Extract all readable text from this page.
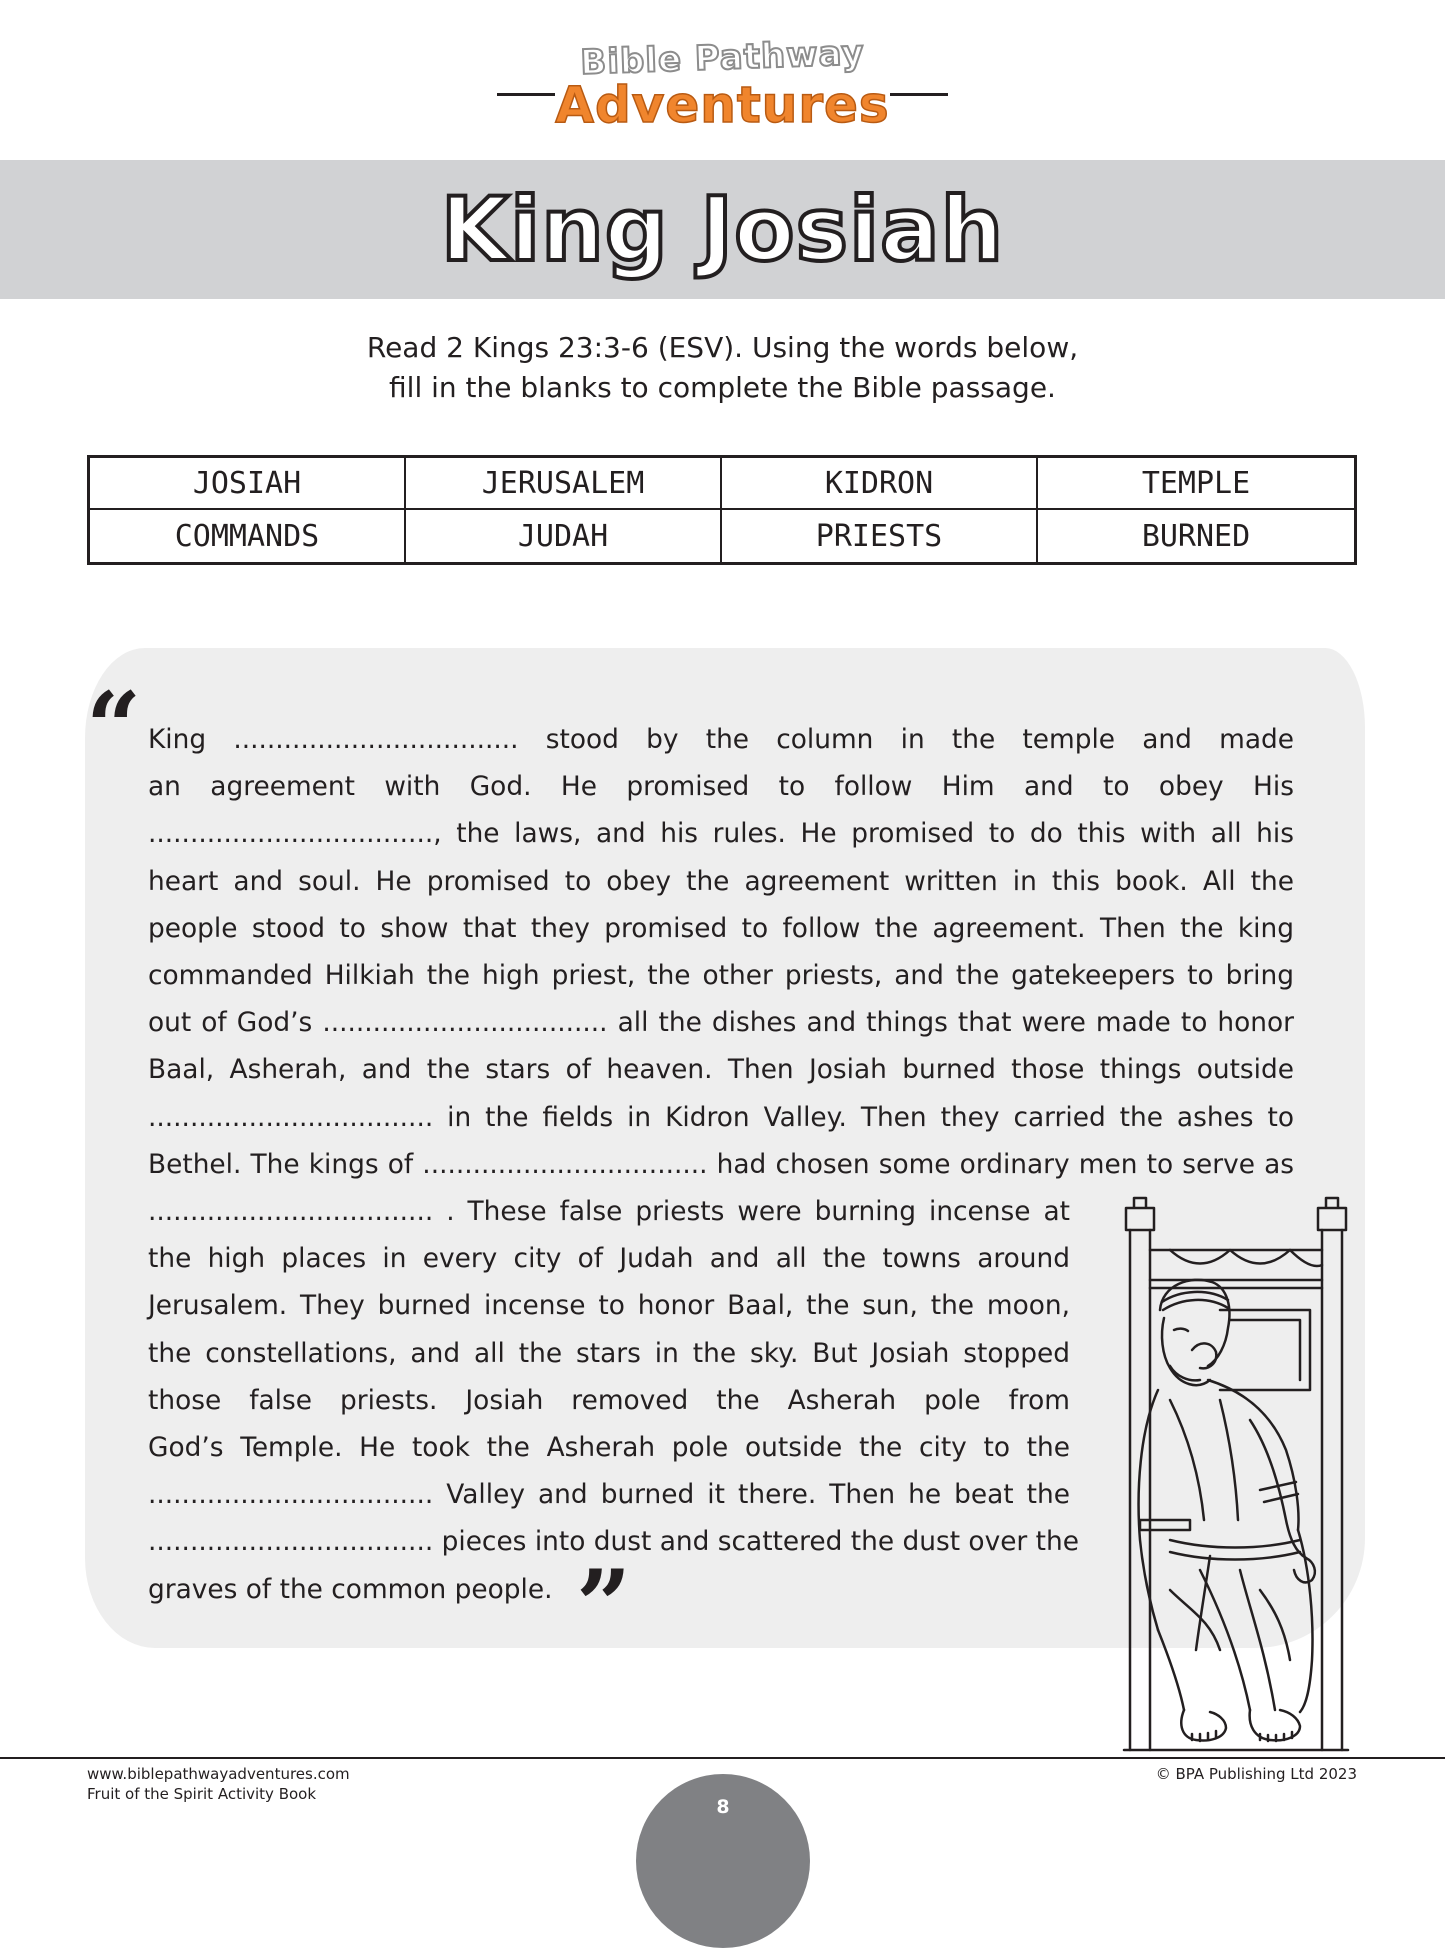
Bible Pathway
Adventures
King Josiah
Read 2 Kings 23:3-6 (ESV). Using the words below,
fill in the blanks to complete the Bible passage.
JOSIAH	JERUSALEM	KIDRON	TEMPLE
COMMANDS	JUDAH	PRIESTS	BURNED
“ King .................................. stood by the column in the temple and made
an agreement with God. He promised to follow Him and to obey His
.................................., the laws, and his rules. He promised to do this with all his
heart and soul. He promised to obey the agreement written in this book. All the
people stood to show that they promised to follow the agreement. Then the king
commanded Hilkiah the high priest, the other priests, and the gatekeepers to bring
out of God’s .................................. all the dishes and things that were made to honor
Baal, Asherah, and the stars of heaven. Then Josiah burned those things outside
.................................. in the fields in Kidron Valley. Then they carried the ashes to
Bethel. The kings of .................................. had chosen some ordinary men to serve as
.................................. . These false priests were burning incense at
the high places in every city of Judah and all the towns around
Jerusalem. They burned incense to honor Baal, the sun, the moon,
the constellations, and all the stars in the sky. But Josiah stopped
those false priests. Josiah removed the Asherah pole from
God’s Temple. He took the Asherah pole outside the city to the
.................................. Valley and burned it there. Then he beat the
.................................. pieces into dust and scattered the dust over the
graves of the common people. ”
www.biblepathwayadventures.com
Fruit of the Spirit Activity Book
© BPA Publishing Ltd 2023
8
